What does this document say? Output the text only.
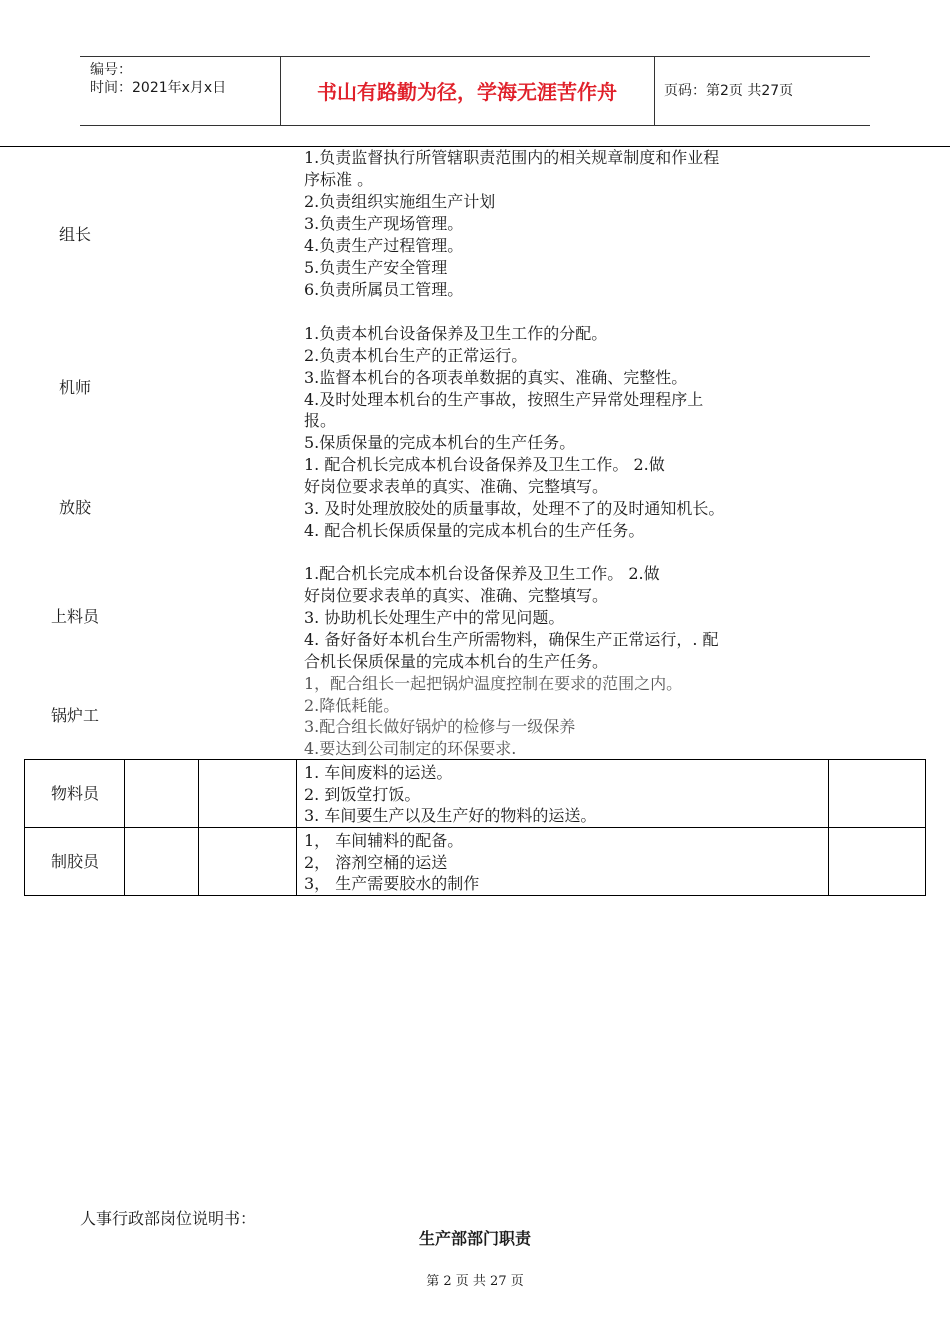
编号：
时间：2021年x月x日	书山有路勤为径，学海无涯苦作舟	页码：第2页 共27页
组长
1.负责监督执行所管辖职责范围内的相关规章制度和作业程
序标准 。
2.负责组织实施组生产计划
3.负责生产现场管理。
4.负责生产过程管理。
5.负责生产安全管理
6.负责所属员工管理。
机师
1.负责本机台设备保养及卫生工作的分配。
2.负责本机台生产的正常运行。
3.监督本机台的各项表单数据的真实、准确、完整性。
4.及时处理本机台的生产事故，按照生产异常处理程序上
报。
5.保质保量的完成本机台的生产任务。
放胶
1. 配合机长完成本机台设备保养及卫生工作。 2.做
好岗位要求表单的真实、准确、完整填写。
3. 及时处理放胶处的质量事故，处理不了的及时通知机长。
4. 配合机长保质保量的完成本机台的生产任务。
上料员
1.配合机长完成本机台设备保养及卫生工作。 2.做
好岗位要求表单的真实、准确、完整填写。
3. 协助机长处理生产中的常见问题。
4. 备好备好本机台生产所需物料，确保生产正常运行，. 配
合机长保质保量的完成本机台的生产任务。
锅炉工
1，配合组长一起把锅炉温度控制在要求的范围之内。
2.降低耗能。
3.配合组长做好锅炉的检修与一级保养
4.要达到公司制定的环保要求.
物料员
1. 车间废料的运送。
2. 到饭堂打饭。
3. 车间要生产以及生产好的物料的运送。
制胶员
1， 车间辅料的配备。
2， 溶剂空桶的运送
3， 生产需要胶水的制作
人事行政部岗位说明书：
生产部部门职责
第 2 页 共 27 页
